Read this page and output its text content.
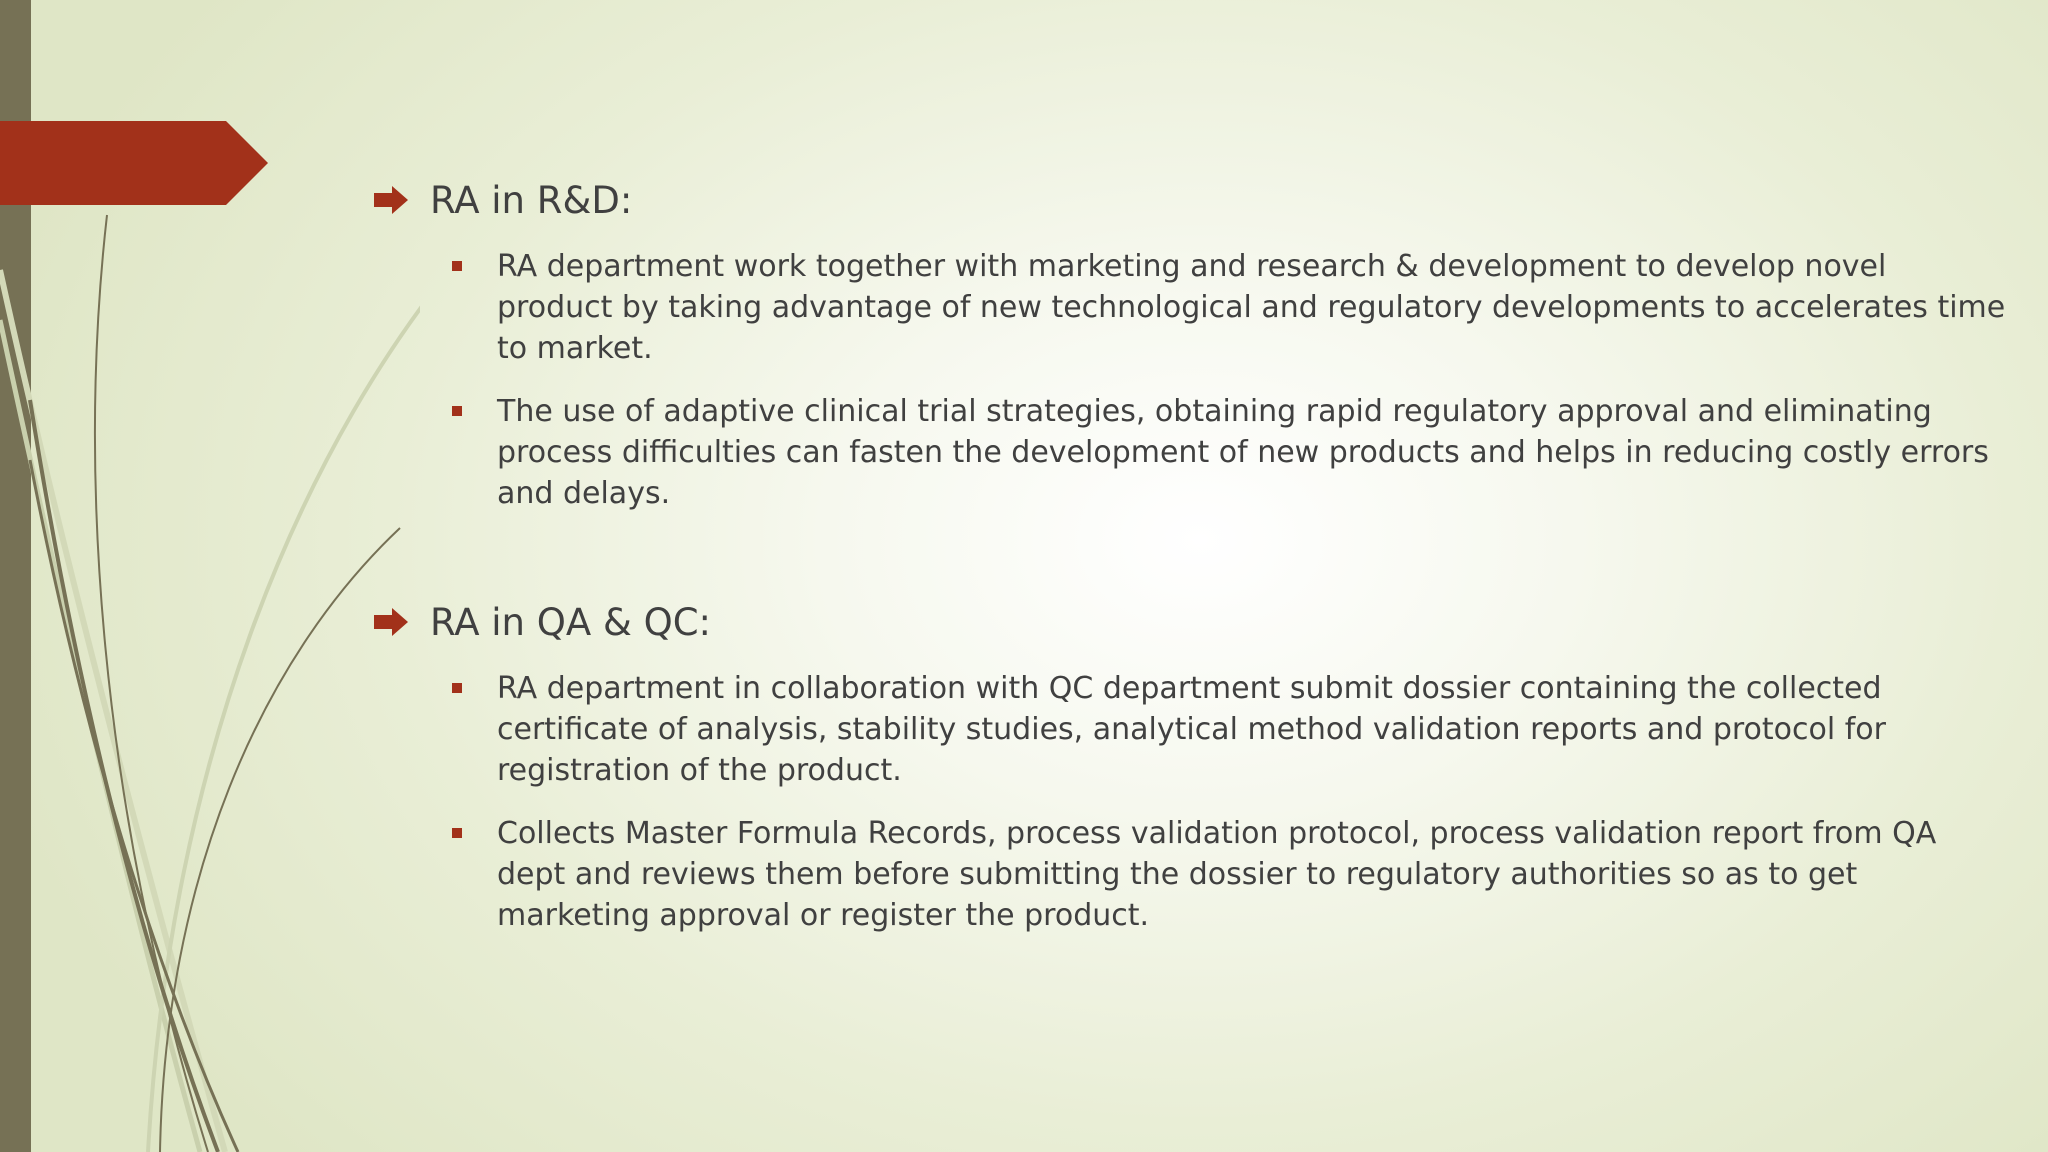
RA in R&D:
RA department work together with marketing and research & development to develop novel product by taking advantage of new technological and regulatory developments to accelerates time to market.
The use of adaptive clinical trial strategies, obtaining rapid regulatory approval and eliminating process difficulties can fasten the development of new products and helps in reducing costly errors and delays.
RA in QA & QC:
RA department in collaboration with QC department submit dossier containing the collected certificate of analysis, stability studies, analytical method validation reports and protocol for registration of the product.
Collects Master Formula Records, process validation protocol, process validation report from QA dept and reviews them before submitting the dossier to regulatory authorities so as to get marketing approval or register the product.
